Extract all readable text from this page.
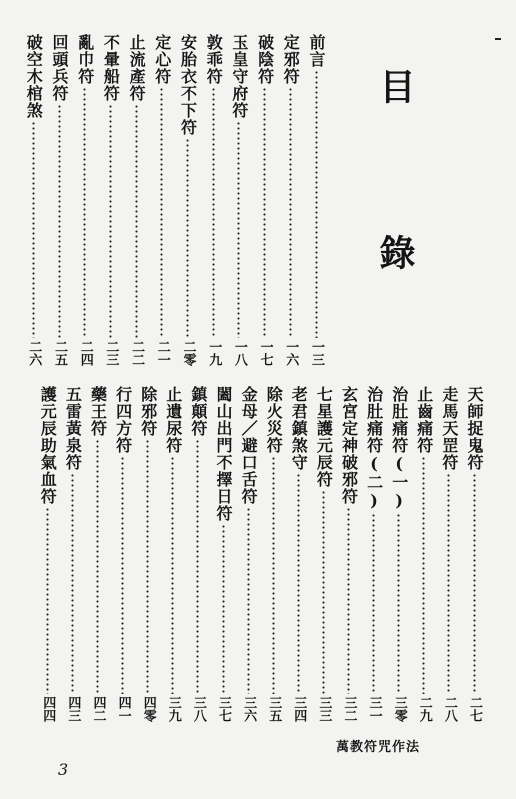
目 錄
前言
一三
定邪符
一六
破陰符
一七
玉皇守府符
一八
敦乖符
一九
安胎衣不下符
二零
定心符
二一
止流產符
二二
不暈船符
二三
亂巾符
二四
回頭兵符
二五
破空木棺煞
二六
天師捉鬼符
二七
走馬天罡符
二八
止齒痛符
二九
治肚痛符(一)
三零
治肚痛符(二)
三一
玄宮定神破邪符
三二
七星護元辰符
三三
老君鎮煞守
三四
除火災符
三五
金母／避口舌符
三六
闔山出門不擇日符
三七
鎮顛符
三八
止遺尿符
三九
除邪符
四零
行四方符
四一
藥王符
四二
五雷黃泉符
四三
護元辰助氣血符
四四
萬教符咒作法
3
